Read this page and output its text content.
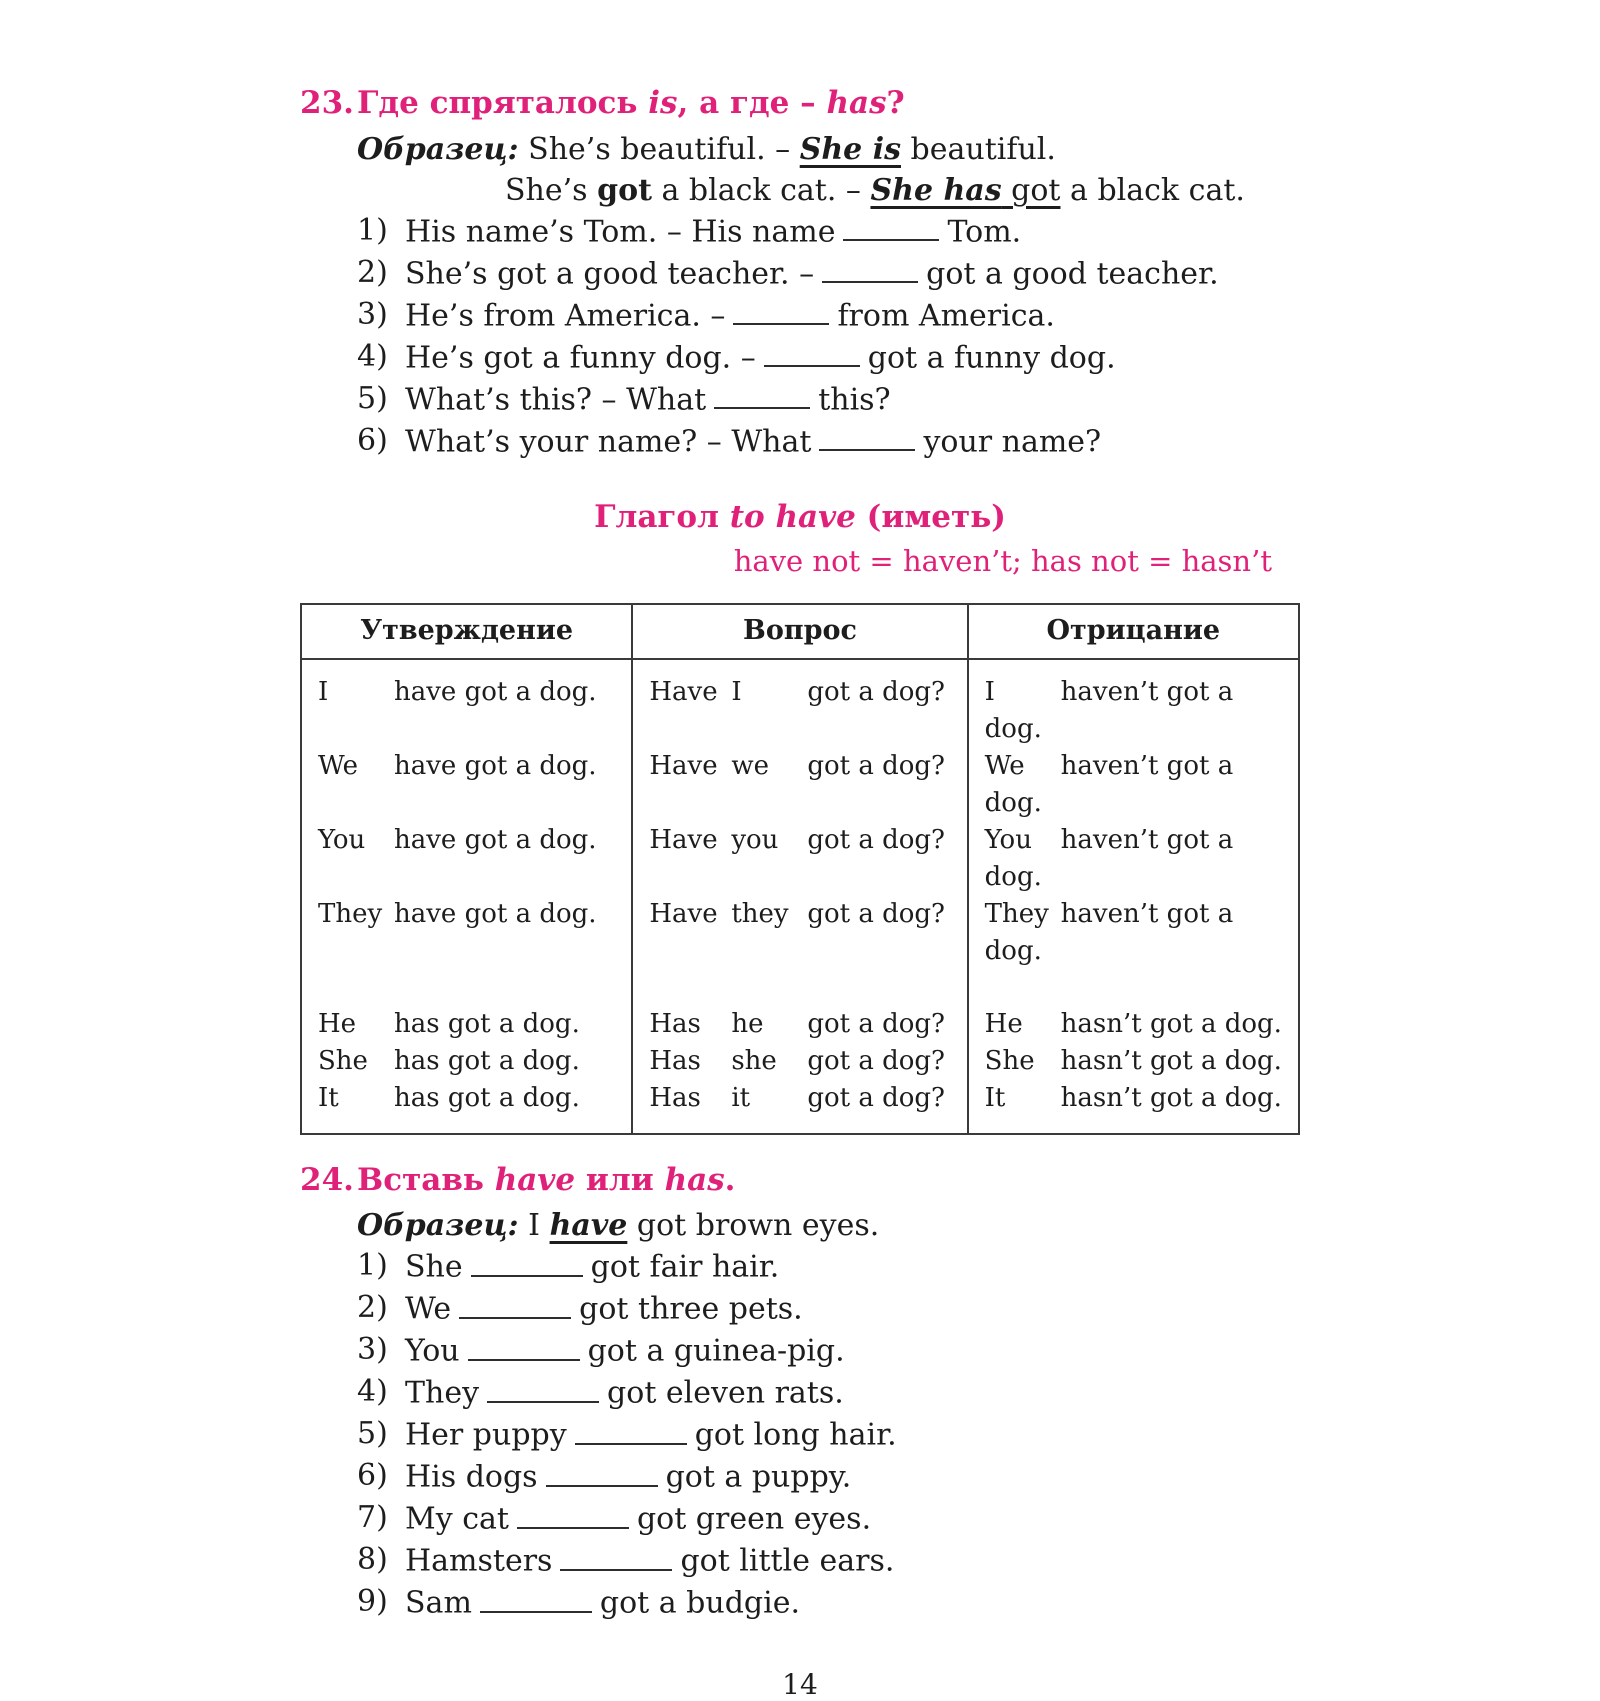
23. Где спряталось is, а где – has?
Образец: She’s beautiful. – She is beautiful.
She’s got a black cat. – She has got a black cat.
1) His name’s Tom. – His name	Tom.
2) She’s got a good teacher. –	got a good teacher.
3) He’s from America. –	from America.
4) He’s got a funny dog. –	got a funny dog.
5) What’s this? – What	this?
6) What’s your name? – What	your name?
Глагол to have (иметь)
have not = haven’t; has not = hasn’t
Утверждение	Вопрос	Отрицание
I have got a dog.	Have I got a dog?	I haven’t got a dog.
We have got a dog.	Have we got a dog?	We haven’t got a dog.
You have got a dog.	Have you got a dog?	You haven’t got a dog.
They have got a dog.	Have they got a dog?	They haven’t got a dog.

He has got a dog.	Has he got a dog?	He hasn’t got a dog.
She has got a dog.	Has she got a dog?	She hasn’t got a dog.
It has got a dog.	Has it got a dog?	It hasn’t got a dog.
24. Вставь have или has.
Образец: I have got brown eyes.
1) She	got fair hair.
2) We	got three pets.
3) You	got a guinea-pig.
4) They	got eleven rats.
5) Her puppy	got long hair.
6) His dogs	got a puppy.
7) My cat	got green eyes.
8) Hamsters	got little ears.
9) Sam	got a budgie.
14
